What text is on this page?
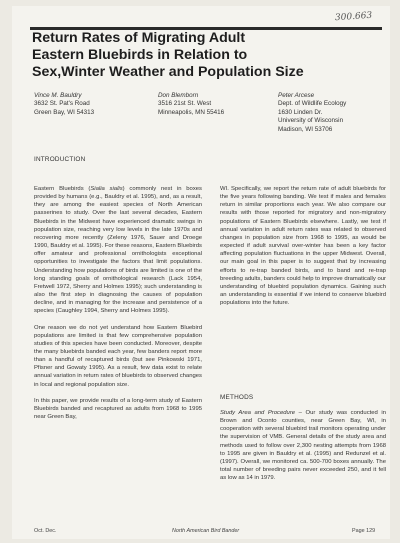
300.663
Return Rates of Migrating Adult
Eastern Bluebirds in Relation to
Sex,Winter Weather and Population Size
Vince M. Bauldry
3632 St. Pat's Road
Green Bay, WI 54313
Don Blemborn
3516 21st St. West
Minneapolis, MN 55416
Peter Arcese
Dept. of Wildlife Ecology
1630 Linden Dr.
University of Wisconsin
Madison, WI 53706
INTRODUCTION

Eastern Bluebirds (Sialia sialis) commonly nest in boxes provided by humans (e.g., Bauldry et al. 1995), and, as a result, they are among the easiest species of North American passerines to study. Over the last several decades, Eastern Bluebirds in the Midwest have experienced dramatic swings in population size, reaching very low levels in the late 1970s and recovering more recently (Zeleny 1976, Sauer and Droege 1990, Bauldry et al. 1995). For these reasons, Eastern Bluebirds offer amateur and professional ornithologists exceptional opportunities to investigate the factors that limit populations. Understanding how populations of birds are limited is one of the long standing goals of ornithological research (Lack 1954, Fretwell 1972, Sherry and Holmes 1995); such understanding is also the first step in diagnosing the causes of population decline, and in managing for the increase and persistence of a species (Caughley 1994, Sherry and Holmes 1995).

One reason we do not yet understand how Eastern Bluebird populations are limited is that few comprehensive population studies of this species have been conducted. Moreover, despite the many bluebirds banded each year, few banders report more than a handful of recaptured birds (but see Pinkowski 1971, Pfisner and Gowaty 1995). As a result, few data exist to relate annual variation in return rates of bluebirds to observed changes in local and regional population size.

In this paper, we provide results of a long-term study of Eastern Bluebirds banded and recaptured as adults from 1968 to 1995 near Green Bay,

WI. Specifically, we report the return rate of adult bluebirds for the five years following banding. We test if males and females return in similar proportions each year. We also compare our results with those reported for migratory and non-migratory populations of Eastern Bluebirds elsewhere. Lastly, we test if annual variation in adult return rates was related to observed changes in population size from 1968 to 1995, as would be expected if adult survival over-winter has been a key factor affecting population fluctuations in the upper Midwest. Overall, our main goal in this paper is to suggest that by increasing efforts to re-trap banded birds, and to band and re-trap breeding adults, banders could help to improve dramatically our understanding of bluebird population dynamics. Gaining such an understanding is essential if we intend to conserve bluebird populations into the future.

METHODS

Study Area and Procedure – Our study was conducted in Brown and Oconto counties, near Green Bay, WI, in cooperation with several bluebird trail monitors operating under the supervision of VMB. General details of the study area and methods used to follow over 2,300 nesting attempts from 1968 to 1995 are given in Bauldry et al. (1995) and Redunzel et al. (1997). Overall, we monitored ca. 500-700 boxes annually. The total number of breeding pairs never exceeded 250, and it fell as low as 14 in 1979.

Oct. Dec.	North American Bird Bander	Page 129
